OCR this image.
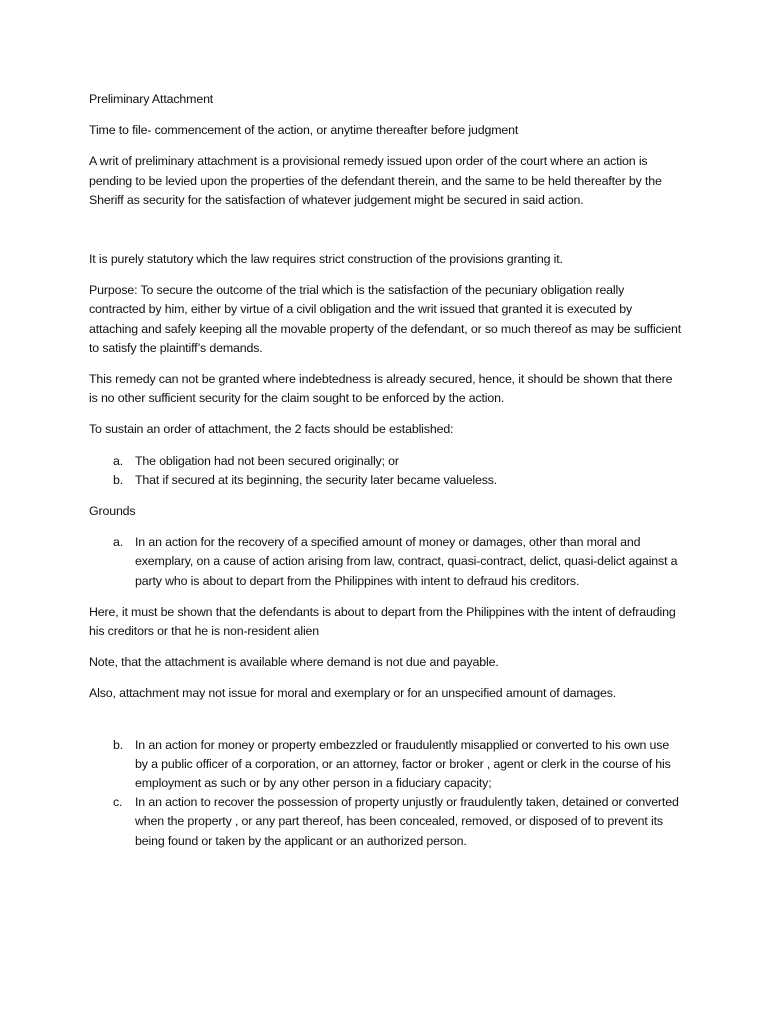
Preliminary Attachment

Time to file- commencement of the action, or anytime thereafter before judgment

A writ of preliminary attachment is a provisional remedy issued upon order of the court where an action is pending to be levied upon the properties of the defendant therein, and the same to be held thereafter by the Sheriff as security for the satisfaction of whatever judgement might be secured in said action.

It is purely statutory which the law requires strict construction of the provisions granting it.

Purpose: To secure the outcome of the trial which is the satisfaction of the pecuniary obligation really contracted by him, either by virtue of a civil obligation and the writ issued that granted it is executed by attaching and safely keeping all the movable property of the defendant, or so much thereof as may be sufficient to satisfy the plaintiff’s demands.

This remedy can not be granted where indebtedness is already secured, hence, it should be shown that there is no other sufficient security for the claim sought to be enforced by the action.

To sustain an order of attachment, the 2 facts should be established:

a. The obligation had not been secured originally; or
b. That if secured at its beginning, the security later became valueless.

Grounds

a. In an action for the recovery of a specified amount of money or damages, other than moral and exemplary, on a cause of action arising from law, contract, quasi-contract, delict, quasi-delict against a party who is about to depart from the Philippines with intent to defraud his creditors.

Here, it must be shown that the defendants is about to depart from the Philippines with the intent of defrauding his creditors or that he is non-resident alien

Note, that the attachment is available where demand is not due and payable.

Also, attachment may not issue for moral and exemplary or for an unspecified amount of damages.

b. In an action for money or property embezzled or fraudulently misapplied or converted to his own use by a public officer of a corporation, or an attorney, factor or broker , agent or clerk in the course of his employment as such or by any other person in a fiduciary capacity;
c. In an action to recover the possession of property unjustly or fraudulently taken, detained or converted when the property , or any part thereof, has been concealed, removed, or disposed of to prevent its being found or taken by the applicant or an authorized person.
